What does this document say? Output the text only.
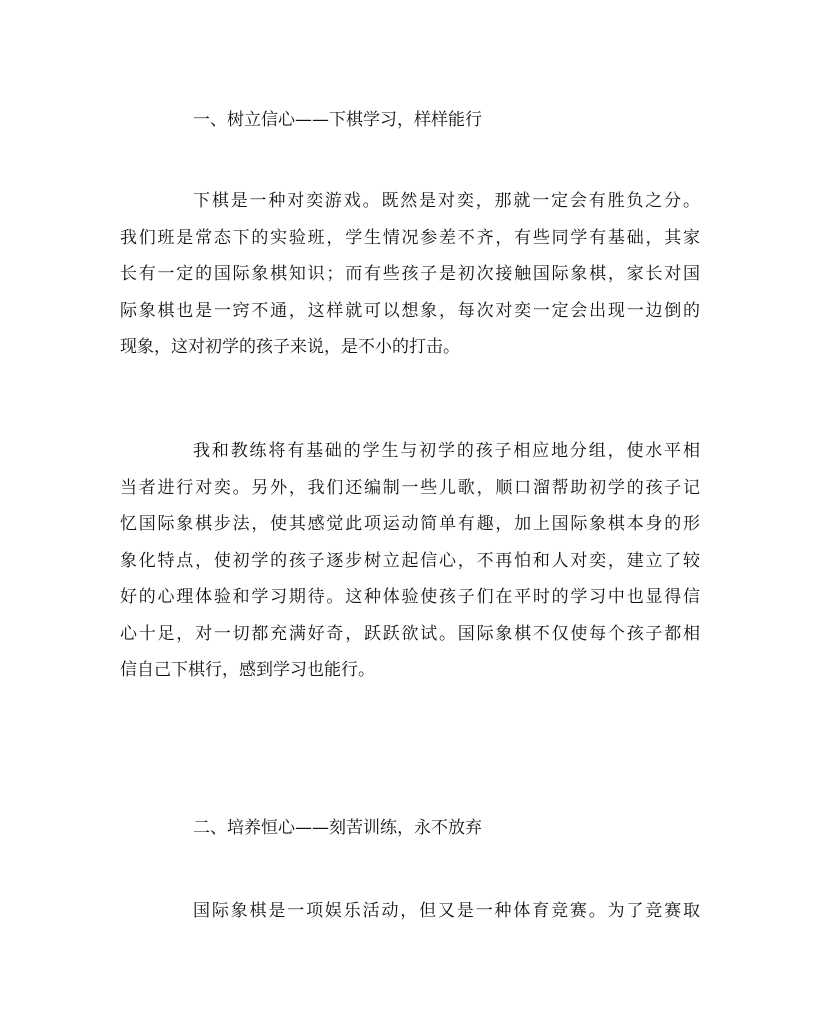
一、树立信心——下棋学习，样样能行
下棋是一种对奕游戏。既然是对奕，那就一定会有胜负之分。
我们班是常态下的实验班，学生情况参差不齐，有些同学有基础，其家
长有一定的国际象棋知识；而有些孩子是初次接触国际象棋，家长对国
际象棋也是一窍不通，这样就可以想象，每次对奕一定会出现一边倒的
现象，这对初学的孩子来说，是不小的打击。
我和教练将有基础的学生与初学的孩子相应地分组，使水平相
当者进行对奕。另外，我们还编制一些儿歌，顺口溜帮助初学的孩子记
忆国际象棋步法，使其感觉此项运动简单有趣，加上国际象棋本身的形
象化特点，使初学的孩子逐步树立起信心，不再怕和人对奕，建立了较
好的心理体验和学习期待。这种体验使孩子们在平时的学习中也显得信
心十足，对一切都充满好奇，跃跃欲试。国际象棋不仅使每个孩子都相
信自己下棋行，感到学习也能行。
二、培养恒心——刻苦训练，永不放弃
国际象棋是一项娱乐活动，但又是一种体育竞赛。为了竞赛取
